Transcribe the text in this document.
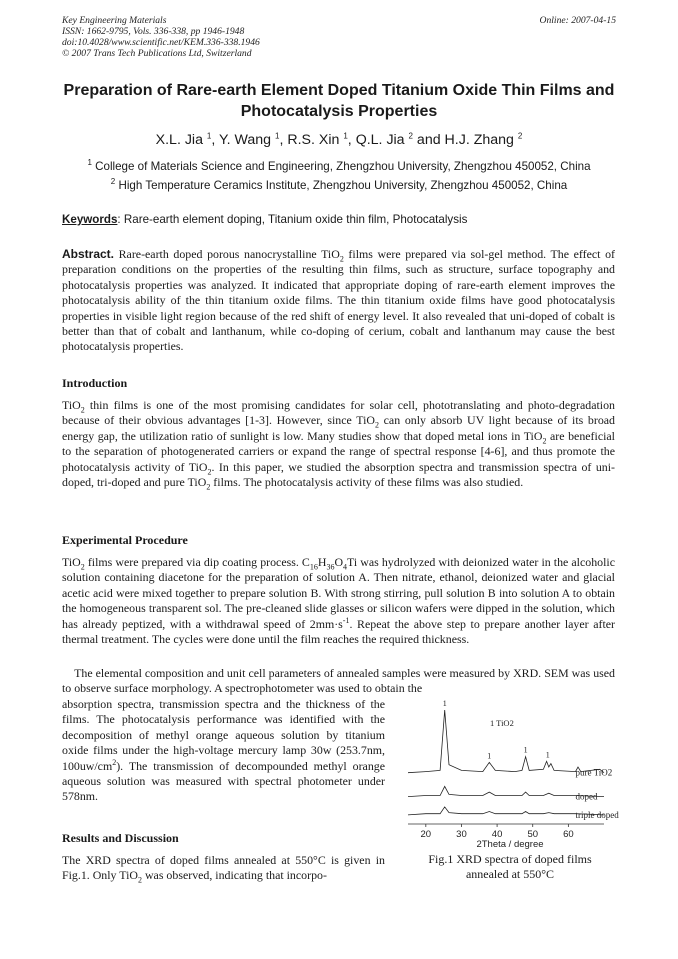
Key Engineering Materials
ISSN: 1662-9795, Vols. 336-338, pp 1946-1948
doi:10.4028/www.scientific.net/KEM.336-338.1946
© 2007 Trans Tech Publications Ltd, Switzerland
Online: 2007-04-15
Preparation of Rare-earth Element Doped Titanium Oxide Thin Films and Photocatalysis Properties
X.L. Jia $^1$, Y. Wang $^1$, R.S. Xin $^1$, Q.L. Jia $^2$ and H.J. Zhang $^2$
$^1$ College of Materials Science and Engineering, Zhengzhou University, Zhengzhou 450052, China
$^2$ High Temperature Ceramics Institute, Zhengzhou University, Zhengzhou 450052, China
Keywords: Rare-earth element doping, Titanium oxide thin film, Photocatalysis
Abstract. Rare-earth doped porous nanocrystalline TiO$_2$ films were prepared via sol-gel method. The effect of preparation conditions on the properties of the resulting thin films, such as structure, surface topography and photocatalysis properties was analyzed. It indicated that appropriate doping of rare-earth element improves the photocatalysis ability of the thin titanium oxide films. The thin titanium oxide films have good photocatalysis properties in visible light region because of the red shift of energy level. It also revealed that uni-doped of cobalt is better than that of cobalt and lanthanum, while co-doping of cerium, cobalt and lanthanum may cause the best photocatalysis properties.
Introduction
TiO$_2$ thin films is one of the most promising candidates for solar cell, phototranslating and photo-degradation because of their obvious advantages [1-3]. However, since TiO$_2$ can only absorb UV light because of its broad energy gap, the utilization ratio of sunlight is low. Many studies show that doped metal ions in TiO$_2$ are beneficial to the separation of photogenerated carriers or expand the range of spectral response [4-6], and thus promote the photocatalysis activity of TiO$_2$. In this paper, we studied the absorption spectra and transmission spectra of uni-doped, tri-doped and pure TiO$_2$ films. The photocatalysis activity of these films was also studied.
Experimental Procedure
TiO$_2$ films were prepared via dip coating process. $C_{16}H_{36}O_4Ti$ was hydrolyzed with deionized water in the alcoholic solution containing diacetone for the preparation of solution A. Then nitrate, ethanol, deionized water and glacial acetic acid were mixed together to prepare solution B. With strong stirring, pull solution B into solution A to obtain the homogeneous transparent sol. The pre-cleaned slide glasses or silicon wafers were dipped in the solution, which has already peptized, with a withdrawal speed of $2mm\cdot s^{-1}$. Repeat the above step to prepare another layer after thermal treatment. The cycles were done until the film reaches the required thickness.
The elemental composition and unit cell parameters of annealed samples were measured by XRD. SEM was used to observe surface morphology. A spectrophotometer was used to obtain the
absorption spectra, transmission spectra and the thickness of the films. The photocatalysis performance was identified with the decomposition of methyl orange aqueous solution by titanium oxide films under the high-voltage mercury lamp 30w (253.7nm, $100uw/cm^2$). The transmission of decompounded methyl orange aqueous solution was measured with spectral photometer under 578nm.
Results and Discussion
The XRD spectra of doped films annealed at 550°C is given in Fig.1. Only TiO$_2$ was observed, indicating that incorpo-
20	30	40	50	60
2Theta / degree
pure TiO2
doped
triple doped
1
1
1
1
1 TiO2
Fig.1 XRD spectra of doped films
annealed at 550°C
